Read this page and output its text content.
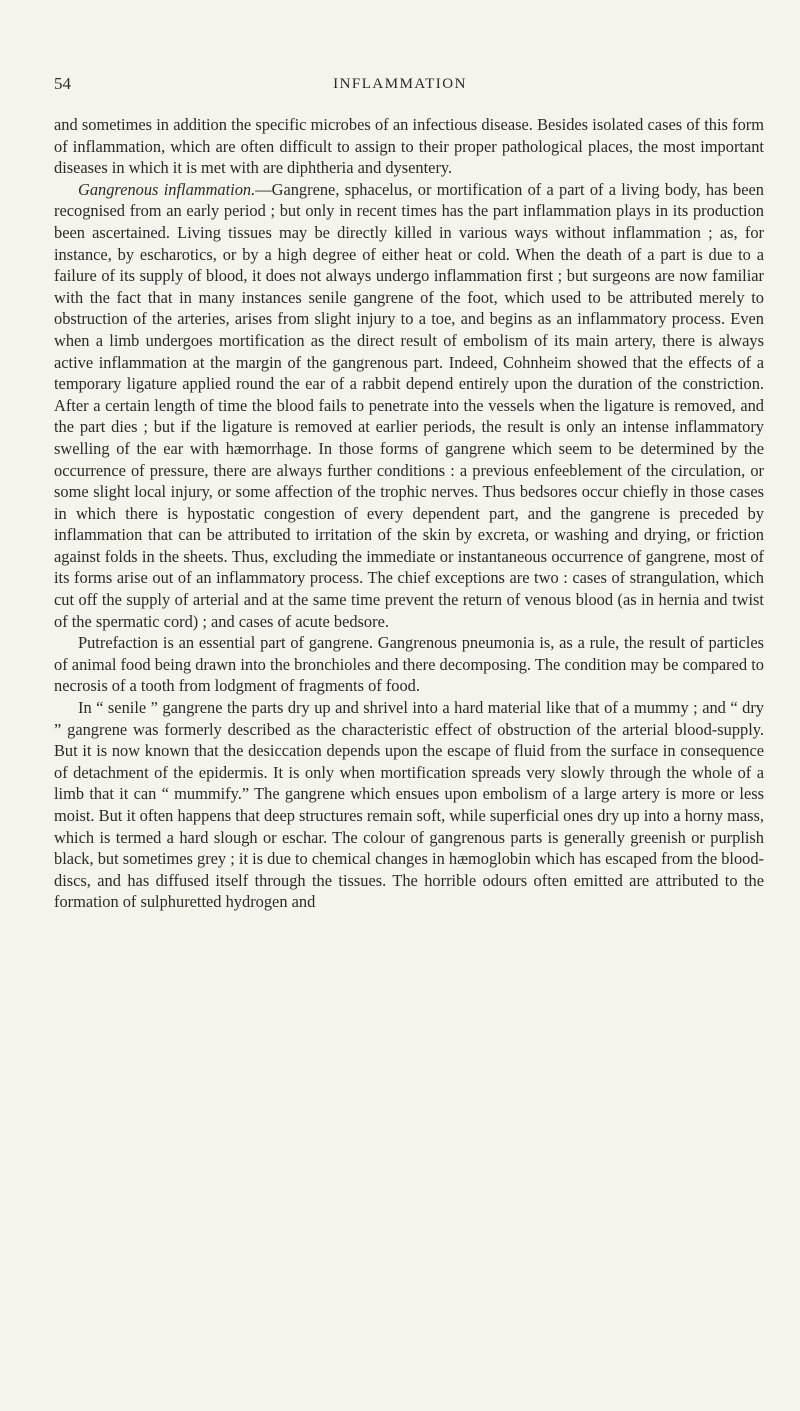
54	INFLAMMATION

and sometimes in addition the specific microbes of an infectious disease. Besides isolated cases of this form of inflammation, which are often difficult to assign to their proper pathological places, the most important diseases in which it is met with are diphtheria and dysentery.

Gangrenous inflammation.—Gangrene, sphacelus, or mortification of a part of a living body, has been recognised from an early period ; but only in recent times has the part inflammation plays in its production been ascertained. Living tissues may be directly killed in various ways without inflammation ; as, for instance, by escharotics, or by a high degree of either heat or cold. When the death of a part is due to a failure of its supply of blood, it does not always undergo inflammation first ; but surgeons are now familiar with the fact that in many instances senile gangrene of the foot, which used to be attributed merely to obstruction of the arteries, arises from slight injury to a toe, and begins as an inflammatory process. Even when a limb undergoes mortification as the direct result of embolism of its main artery, there is always active inflammation at the margin of the gangrenous part. Indeed, Cohnheim showed that the effects of a temporary ligature applied round the ear of a rabbit depend entirely upon the duration of the constriction. After a certain length of time the blood fails to penetrate into the vessels when the ligature is removed, and the part dies ; but if the ligature is removed at earlier periods, the result is only an intense inflammatory swelling of the ear with hæmorrhage. In those forms of gangrene which seem to be determined by the occurrence of pressure, there are always further conditions : a previous enfeeblement of the circulation, or some slight local injury, or some affection of the trophic nerves. Thus bedsores occur chiefly in those cases in which there is hypostatic congestion of every dependent part, and the gangrene is preceded by inflammation that can be attributed to irritation of the skin by excreta, or washing and drying, or friction against folds in the sheets. Thus, excluding the immediate or instantaneous occurrence of gangrene, most of its forms arise out of an inflammatory process. The chief exceptions are two : cases of strangulation, which cut off the supply of arterial and at the same time prevent the return of venous blood (as in hernia and twist of the spermatic cord) ; and cases of acute bedsore.

Putrefaction is an essential part of gangrene. Gangrenous pneumonia is, as a rule, the result of particles of animal food being drawn into the bronchioles and there decomposing. The condition may be compared to necrosis of a tooth from lodgment of fragments of food.

In “ senile ” gangrene the parts dry up and shrivel into a hard material like that of a mummy ; and “ dry ” gangrene was formerly described as the characteristic effect of obstruction of the arterial blood-supply. But it is now known that the desiccation depends upon the escape of fluid from the surface in consequence of detachment of the epidermis. It is only when mortification spreads very slowly through the whole of a limb that it can “ mummify.” The gangrene which ensues upon embolism of a large artery is more or less moist. But it often happens that deep structures remain soft, while superficial ones dry up into a horny mass, which is termed a hard slough or eschar. The colour of gangrenous parts is generally greenish or purplish black, but sometimes grey ; it is due to chemical changes in hæmoglobin which has escaped from the blood-discs, and has diffused itself through the tissues. The horrible odours often emitted are attributed to the formation of sulphuretted hydrogen and
